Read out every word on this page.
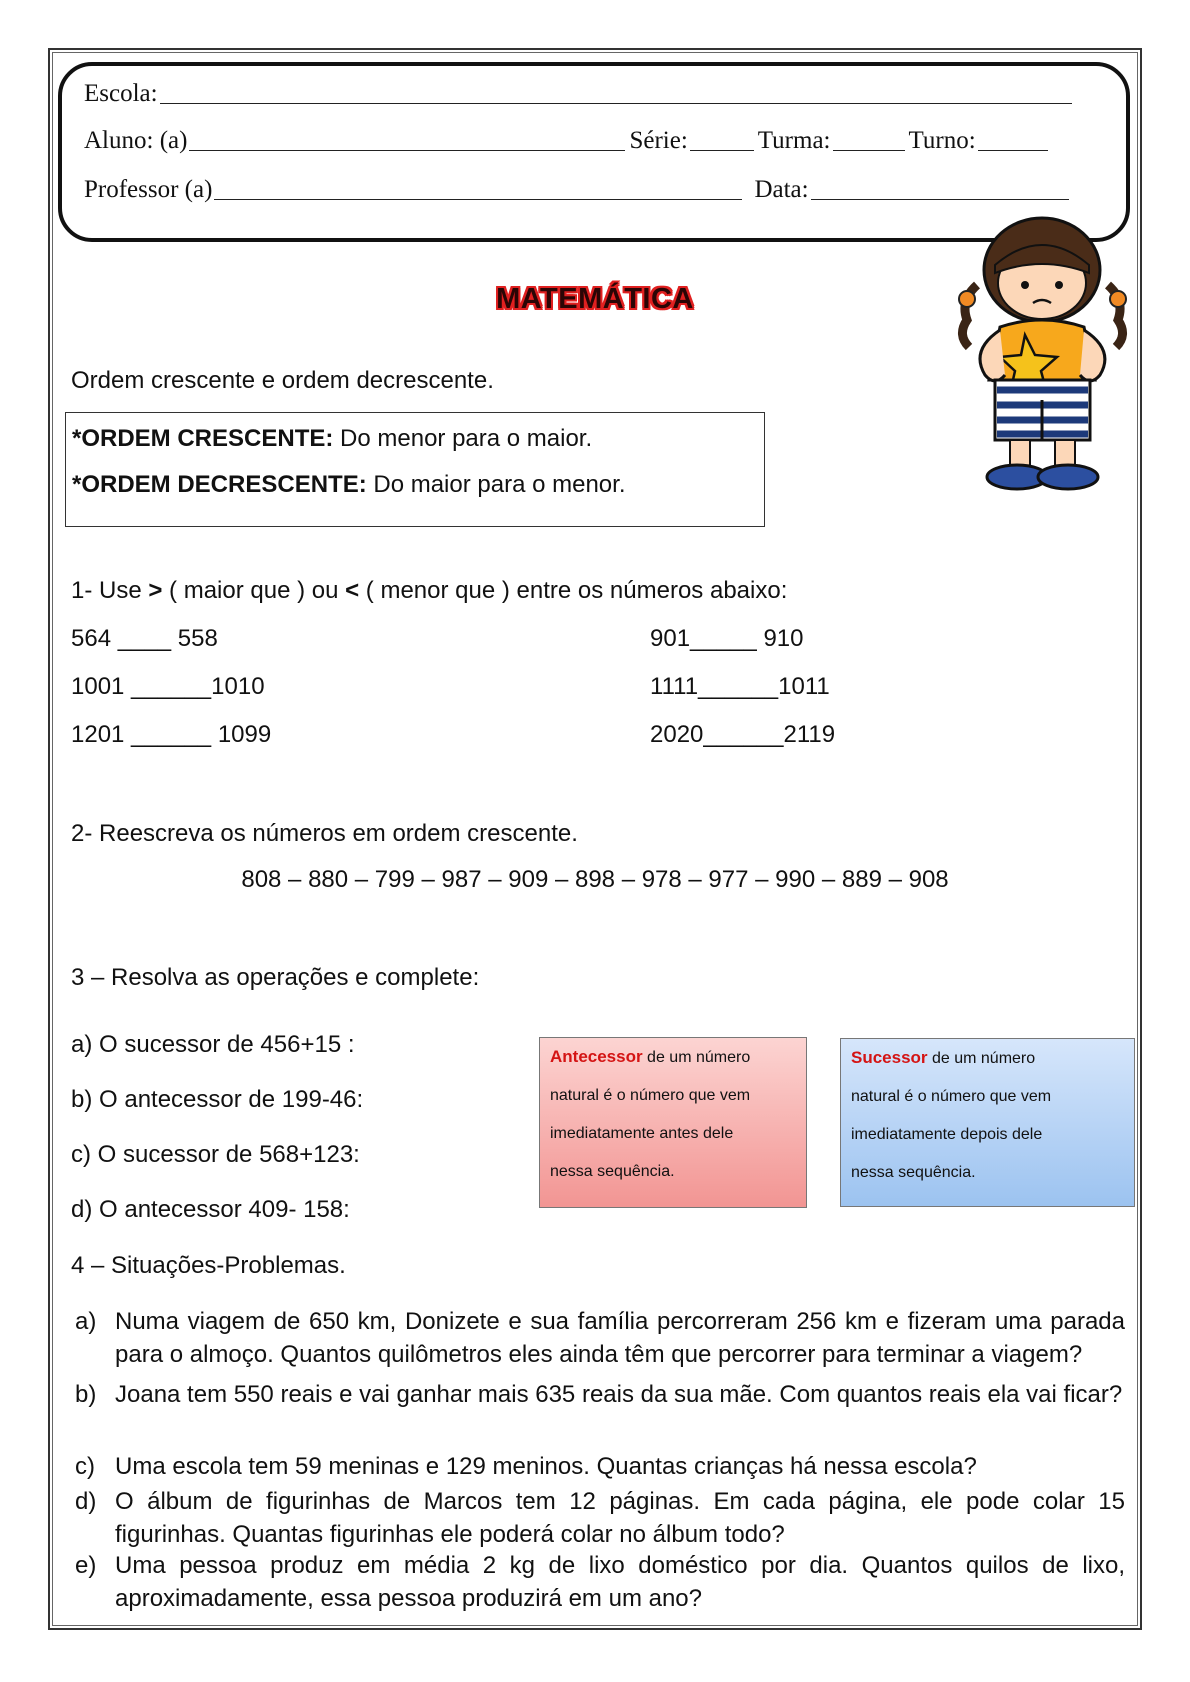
Escola:
Aluno: (a)	Série:	Turma:	Turno:
Professor (a)	Data:
MATEMÁTICA
Ordem crescente e ordem decrescente.
*ORDEM CRESCENTE: Do menor para o maior.
*ORDEM DECRESCENTE: Do maior para o menor.
1- Use > ( maior que ) ou < ( menor que ) entre os números abaixo:
564 ____ 558	901_____ 910
1001 ______1010	1111______1011
1201 ______ 1099	2020______2119
2- Reescreva os números em ordem crescente.
808 – 880 – 799 – 987 – 909 – 898 – 978 – 977 – 990 – 889 – 908
3 – Resolva as operações e complete:
a) O sucessor de 456+15 :
b) O antecessor de 199-46:
c) O sucessor de 568+123:
d) O antecessor 409- 158:
Antecessor de um número
natural é o número que vem
imediatamente antes dele
nessa sequência.
Sucessor de um número
natural é o número que vem
imediatamente depois dele
nessa sequência.
4 – Situações-Problemas.
a) Numa viagem de 650 km, Donizete e sua família percorreram 256 km e fizeram uma parada para o almoço. Quantos quilômetros eles ainda têm que percorrer para terminar a viagem?
b) Joana tem 550 reais e vai ganhar mais 635 reais da sua mãe. Com quantos reais ela vai ficar?
c) Uma escola tem 59 meninas e 129 meninos. Quantas crianças há nessa escola?
d) O álbum de figurinhas de Marcos tem 12 páginas. Em cada página, ele pode colar 15 figurinhas. Quantas figurinhas ele poderá colar no álbum todo?
e) Uma pessoa produz em média 2 kg de lixo doméstico por dia. Quantos quilos de lixo, aproximadamente, essa pessoa produzirá em um ano?
